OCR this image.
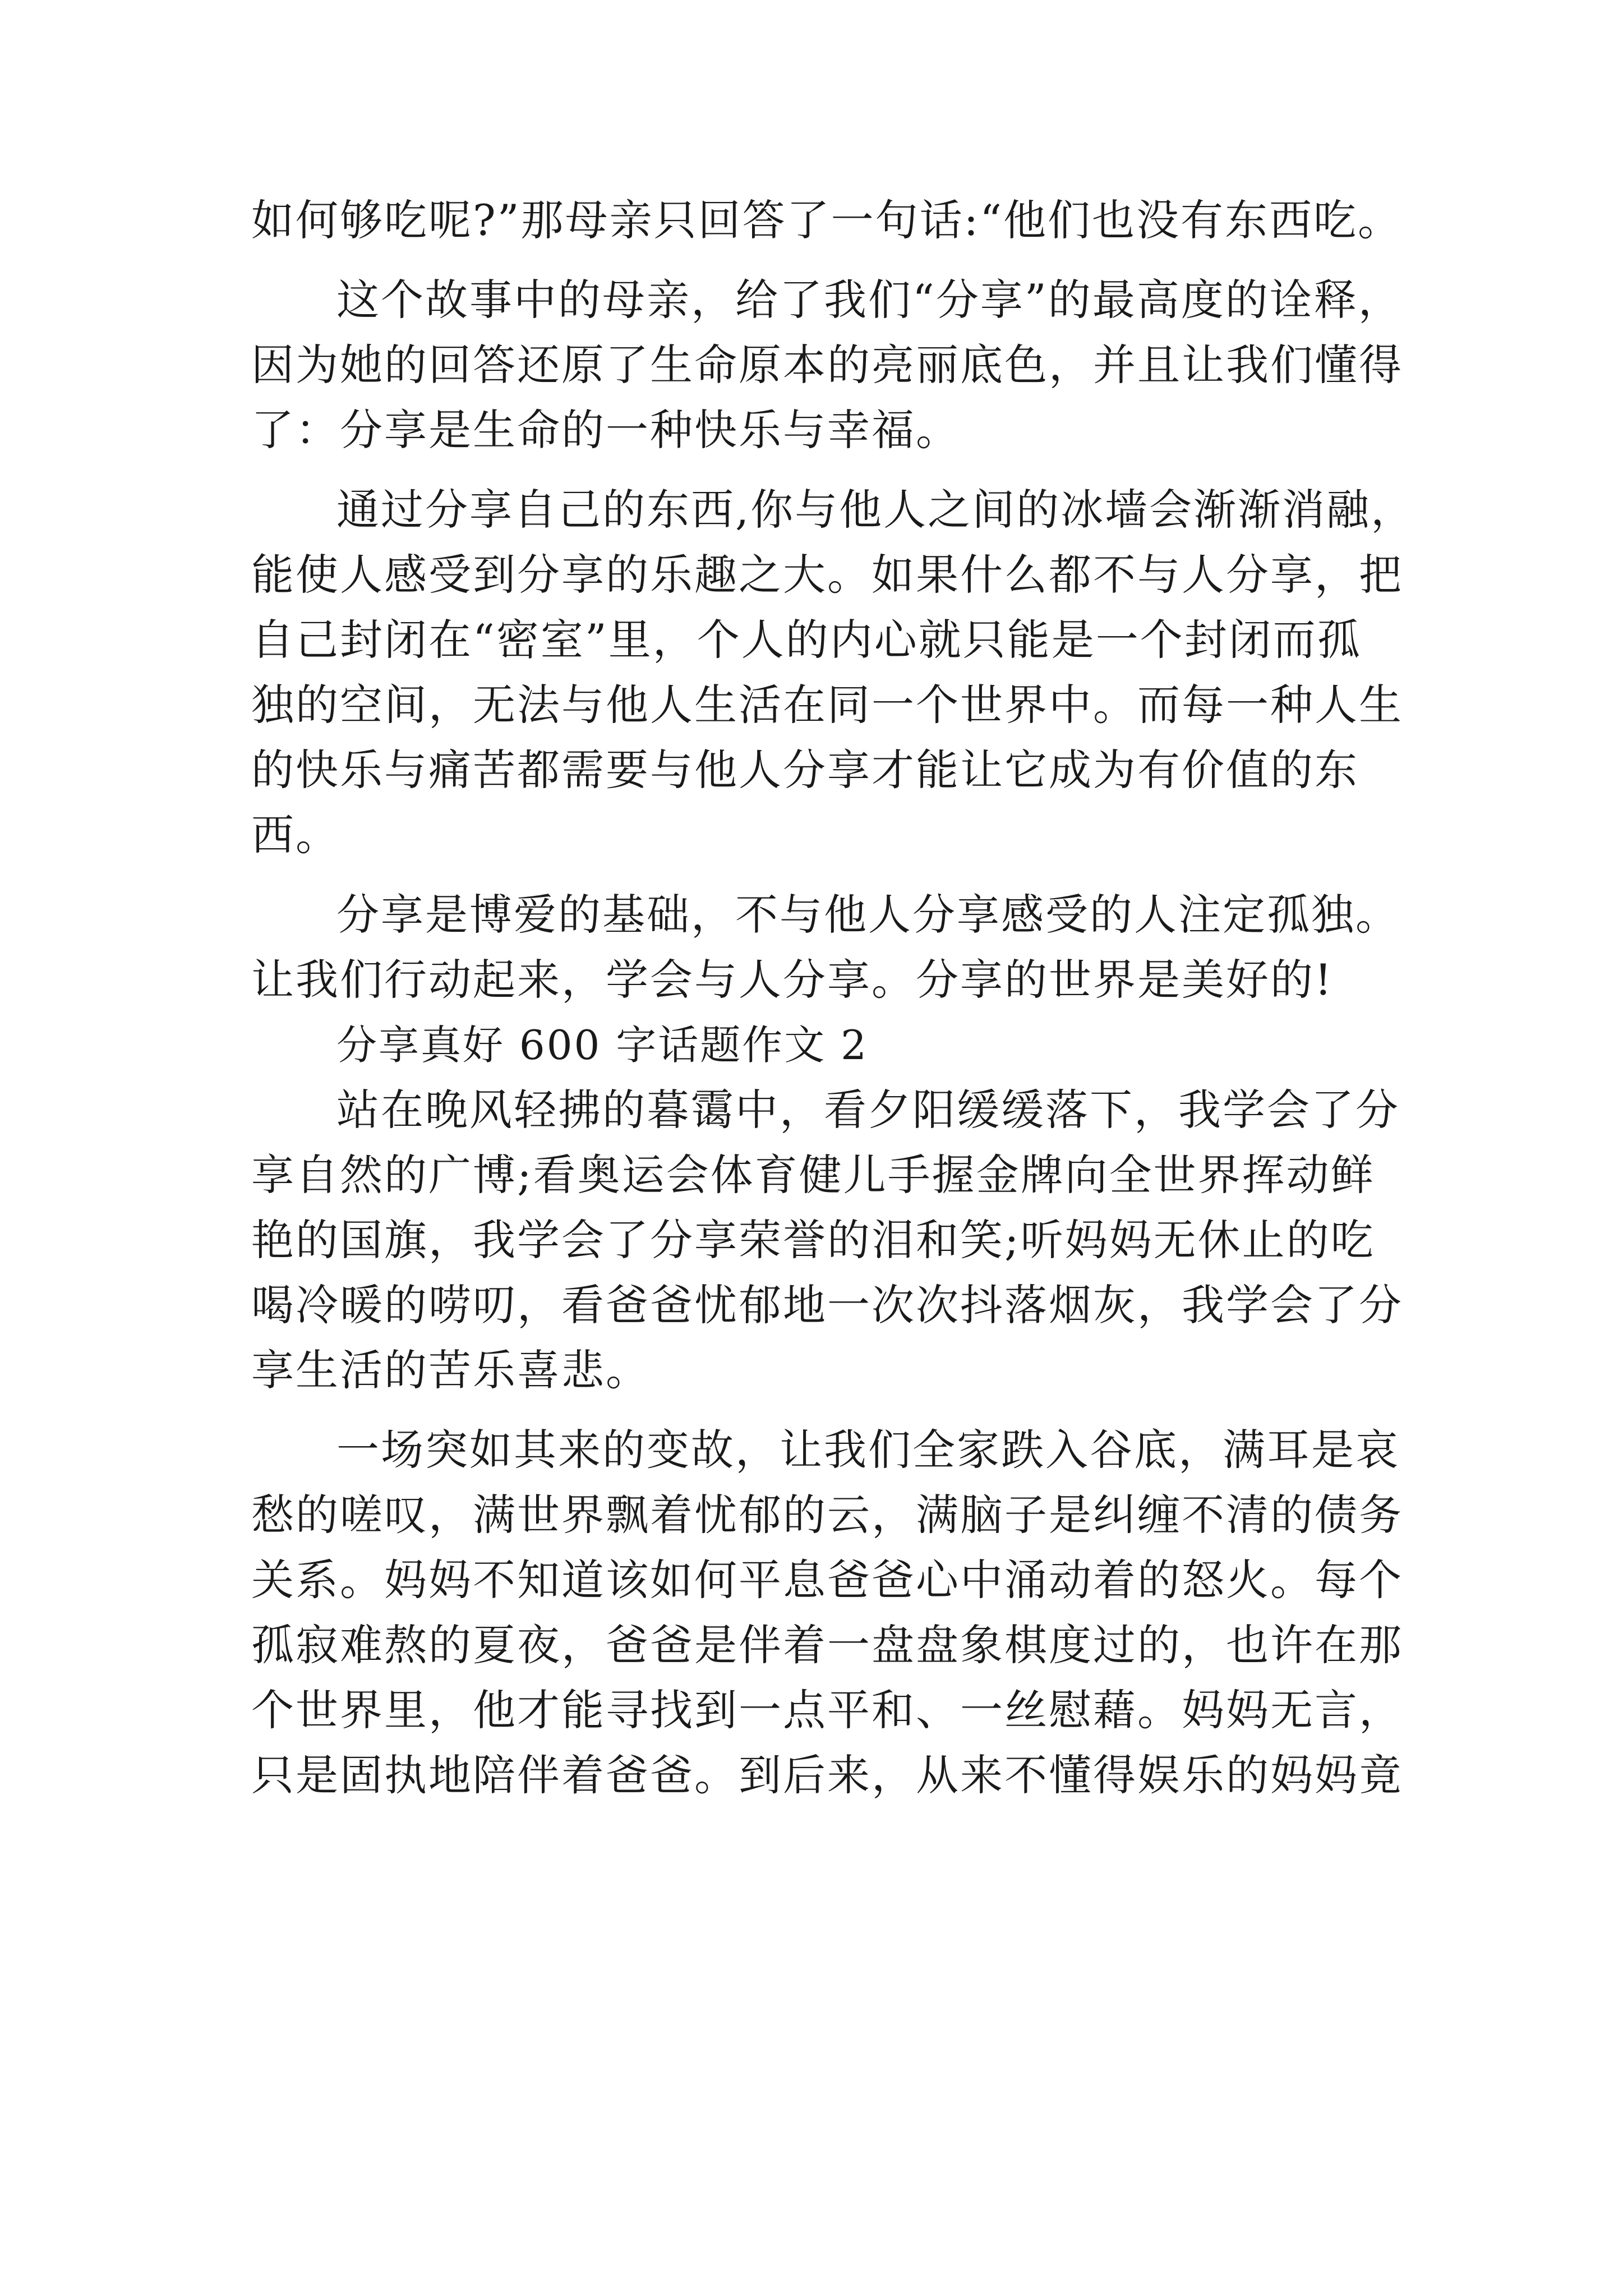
如何够吃呢?”那母亲只回答了一句话:“他们也没有东西吃。
这个故事中的母亲，给了我们“分享”的最高度的诠释，
因为她的回答还原了生命原本的亮丽底色，并且让我们懂得
了：分享是生命的一种快乐与幸福。
通过分享自己的东西,你与他人之间的冰墙会渐渐消融，
能使人感受到分享的乐趣之大。如果什么都不与人分享，把
自己封闭在“密室”里，个人的内心就只能是一个封闭而孤
独的空间，无法与他人生活在同一个世界中。而每一种人生
的快乐与痛苦都需要与他人分享才能让它成为有价值的东
西。
分享是博爱的基础，不与他人分享感受的人注定孤独。
让我们行动起来，学会与人分享。分享的世界是美好的!
分享真好 600 字话题作文 2
站在晚风轻拂的暮霭中，看夕阳缓缓落下，我学会了分
享自然的广博;看奥运会体育健儿手握金牌向全世界挥动鲜
艳的国旗，我学会了分享荣誉的泪和笑;听妈妈无休止的吃
喝冷暖的唠叨，看爸爸忧郁地一次次抖落烟灰，我学会了分
享生活的苦乐喜悲。
一场突如其来的变故，让我们全家跌入谷底，满耳是哀
愁的嗟叹，满世界飘着忧郁的云，满脑子是纠缠不清的债务
关系。妈妈不知道该如何平息爸爸心中涌动着的怒火。每个
孤寂难熬的夏夜，爸爸是伴着一盘盘象棋度过的，也许在那
个世界里，他才能寻找到一点平和、一丝慰藉。妈妈无言，
只是固执地陪伴着爸爸。到后来，从来不懂得娱乐的妈妈竟
